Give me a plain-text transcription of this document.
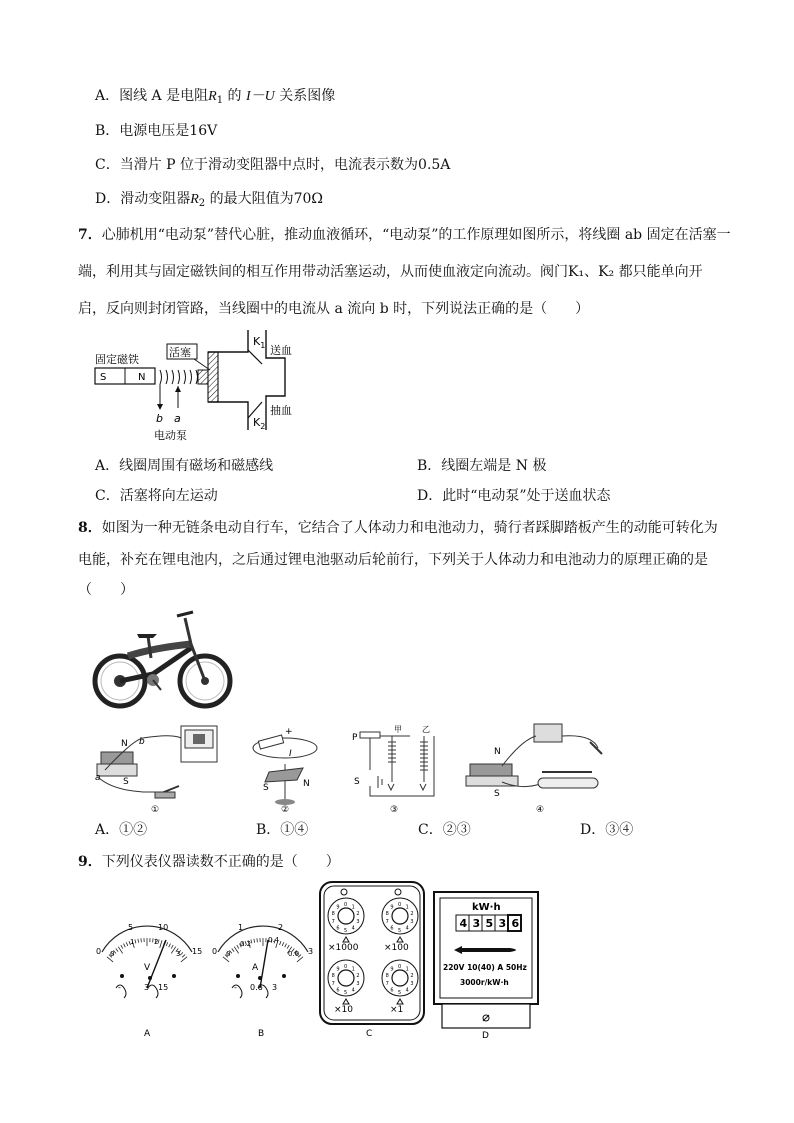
A．图线 A 是电阻$R_1$ 的 I－U 关系图像
B．电源电压是16V
C．当滑片 P 位于滑动变阻器中点时，电流表示数为0.5A
D．滑动变阻器$R_2$ 的最大阻值为70Ω
7．心肺机用“电动泵”替代心脏，推动血液循环，“电动泵”的工作原理如图所示，将线圈 ab 固定在活塞一
端，利用其与固定磁铁间的相互作用带动活塞运动，从而使血液定向流动。阀门K₁、K₂ 都只能单向开
启，反向则封闭管路，当线圈中的电流从 a 流向 b 时，下列说法正确的是（　　）
S	N
b a
电动泵
活塞
固定磁铁
$K_1$ 送血
抽血
$K_2$
A．线圈周围有磁场和磁感线	B．线圈左端是 N 极
C．活塞将向左运动	D．此时“电动泵”处于送血状态
8．如图为一种无链条电动自行车，它结合了人体动力和电池动力，骑行者踩脚踏板产生的动能可转化为
电能，补充在锂电池内，之后通过锂电池驱动后轮前行，下列关于人体动力和电池动力的原理正确的是
（　　）
N
S
b
a
①
+
I
S	N
②
P
甲	乙
S
③
N
S
④
A．①②	B．①④	C．②③	D．③④
9．下列仪表仪器读数不正确的是（　　）
0
5	10
15
0
1	2
3
V
-	3 15
A
0
1	2
3
0
0.2 0.4
0.6
A
- 0.6 3
B
0 1
2
3
4
5
6
7
8
9	0 1
2
3
4
5
6
7
8
9
0 1
2
3
4
5
6
7
8
9	0 1
2
3
4
5
6
7
8
9
×1000	×100
×10	×1
C
kW·h
4 3 5 3 6
220V 10(40) A 50Hz
3000r/kW·h
D
